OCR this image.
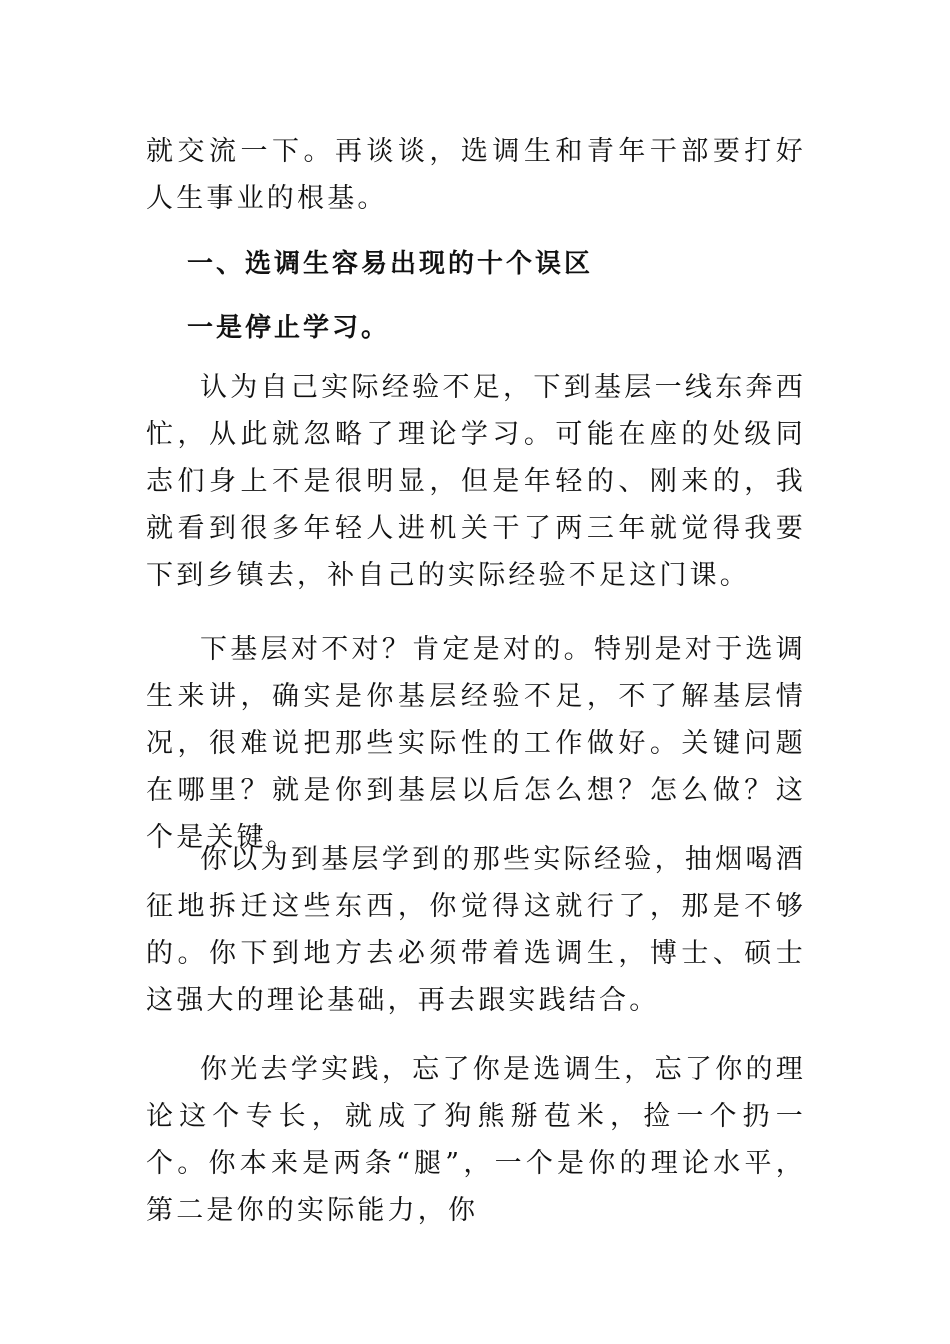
就交流一下。再谈谈，选调生和青年干部要打好人生事业的根基。

一、选调生容易出现的十个误区
一是停止学习。

认为自己实际经验不足，下到基层一线东奔西忙，从此就忽略了理论学习。可能在座的处级同志们身上不是很明显，但是年轻的、刚来的，我就看到很多年轻人进机关干了两三年就觉得我要下到乡镇去，补自己的实际经验不足这门课。

下基层对不对？肯定是对的。特别是对于选调生来讲，确实是你基层经验不足，不了解基层情况，很难说把那些实际性的工作做好。关键问题在哪里？就是你到基层以后怎么想？怎么做？这个是关键。

你以为到基层学到的那些实际经验，抽烟喝酒征地拆迁这些东西，你觉得这就行了，那是不够的。你下到地方去必须带着选调生，博士、硕士这强大的理论基础，再去跟实践结合。

你光去学实践，忘了你是选调生，忘了你的理论这个专长，就成了狗熊掰苞米，捡一个扔一个。你本来是两条“腿”，一个是你的理论水平，第二是你的实际能力，你
